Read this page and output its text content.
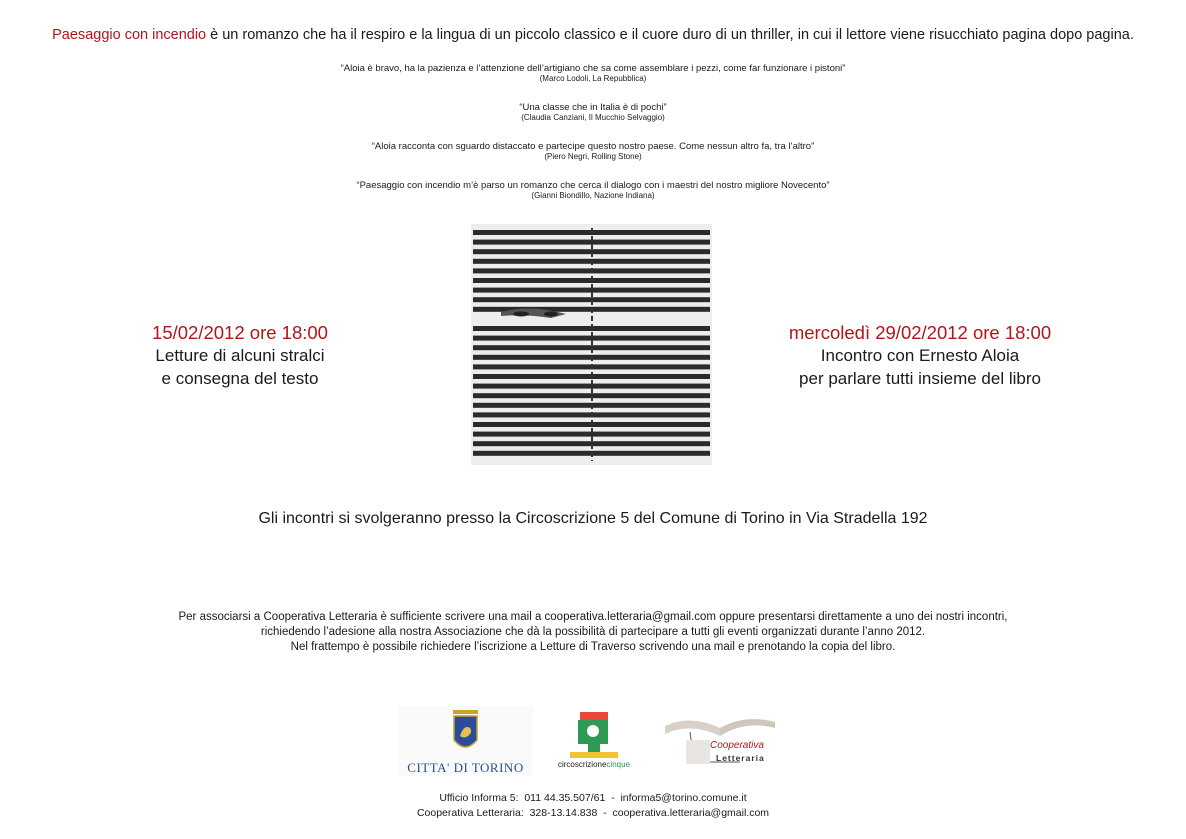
Paesaggio con incendio è un romanzo che ha il respiro e la lingua di un piccolo classico e il cuore duro di un thriller, in cui il lettore viene risucchiato pagina dopo pagina.
“Aloia è bravo, ha la pazienza e l’attenzione dell’artigiano che sa come assemblare i pezzi, come far funzionare i pistoni”
(Marco Lodoli, La Repubblica)
“Una classe che in Italia è di pochi”
(Claudia Canziani, Il Mucchio Selvaggio)
“Aloia racconta con sguardo distaccato e partecipe questo nostro paese. Come nessun altro fa, tra l’altro”
(Piero Negri, Rolling Stone)
“Paesaggio con incendio m’è parso un romanzo che cerca il dialogo con i maestri del nostro migliore Novecento”
(Gianni Biondillo, Nazione Indiana)
15/02/2012 ore 18:00
Letture di alcuni stralci
e consegna del testo
mercoledì 29/02/2012 ore 18:00
Incontro con Ernesto Aloia
per parlare tutti insieme del libro
Gli incontri si svolgeranno presso la Circoscrizione 5 del Comune di Torino in Via Stradella 192
Per associarsi a Cooperativa Letteraria è sufficiente scrivere una mail a cooperativa.letteraria@gmail.com oppure presentarsi direttamente a uno dei nostri incontri,
richiedendo l’adesione alla nostra Associazione che dà la possibilità di partecipare a tutti gli eventi organizzati durante l’anno 2012.
Nel frattempo è possibile richiedere l’iscrizione a Letture di Traverso scrivendo una mail e prenotando la copia del libro.
CITTA' DI TORINO	circoscrizionecinque
Cooperativa
Letteraria
Ufficio Informa 5: 011 44.35.507/61  -  informa5@torino.comune.it
Cooperativa Letteraria: 328-13.14.838  -  cooperativa.letteraria@gmail.com
